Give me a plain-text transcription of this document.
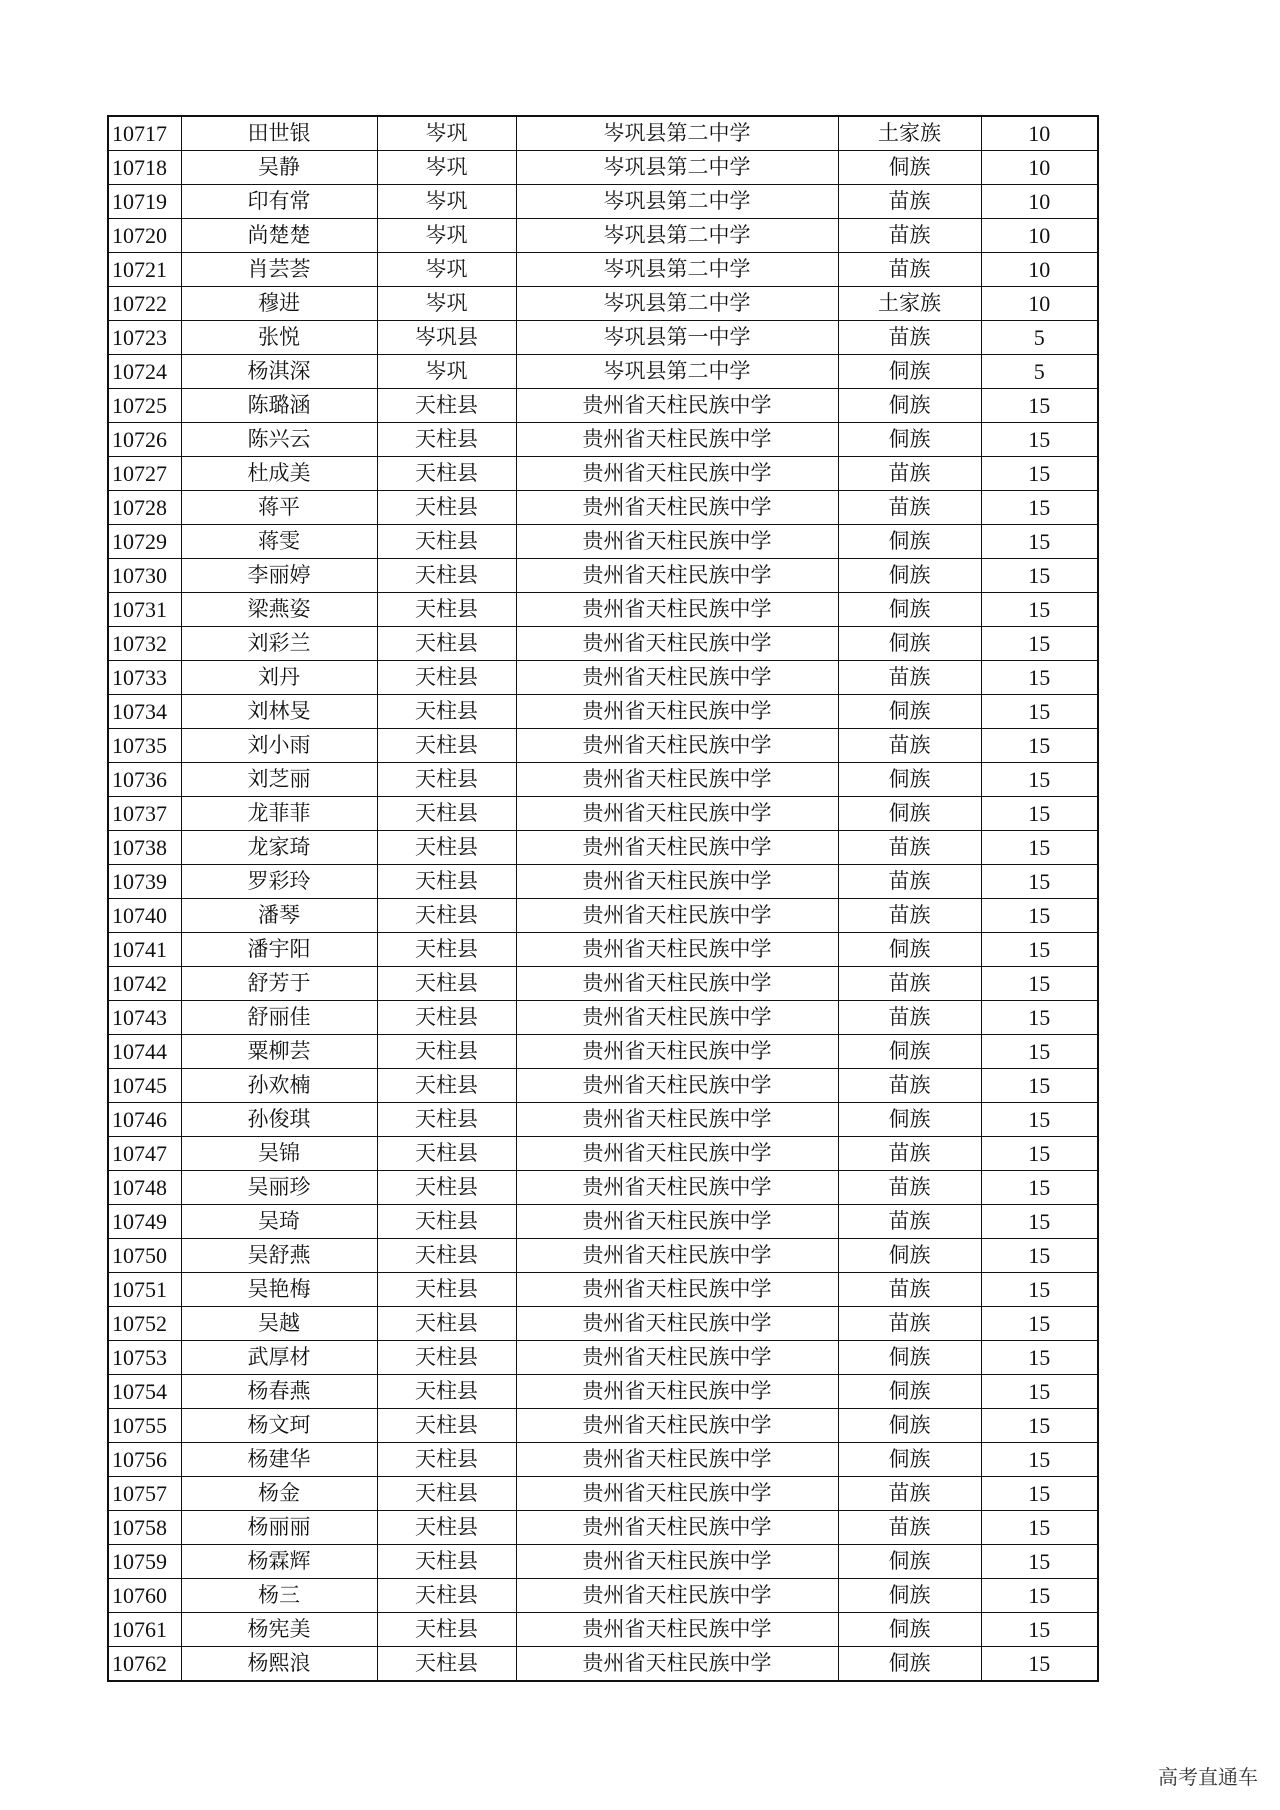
10717	田世银	岑巩	岑巩县第二中学	土家族	10
10718	吴静	岑巩	岑巩县第二中学	侗族	10
10719	印有常	岑巩	岑巩县第二中学	苗族	10
10720	尚楚楚	岑巩	岑巩县第二中学	苗族	10
10721	肖芸荟	岑巩	岑巩县第二中学	苗族	10
10722	穆进	岑巩	岑巩县第二中学	土家族	10
10723	张悦	岑巩县	岑巩县第一中学	苗族	5
10724	杨淇深	岑巩	岑巩县第二中学	侗族	5
10725	陈璐涵	天柱县	贵州省天柱民族中学	侗族	15
10726	陈兴云	天柱县	贵州省天柱民族中学	侗族	15
10727	杜成美	天柱县	贵州省天柱民族中学	苗族	15
10728	蒋平	天柱县	贵州省天柱民族中学	苗族	15
10729	蒋雯	天柱县	贵州省天柱民族中学	侗族	15
10730	李丽婷	天柱县	贵州省天柱民族中学	侗族	15
10731	梁燕姿	天柱县	贵州省天柱民族中学	侗族	15
10732	刘彩兰	天柱县	贵州省天柱民族中学	侗族	15
10733	刘丹	天柱县	贵州省天柱民族中学	苗族	15
10734	刘林旻	天柱县	贵州省天柱民族中学	侗族	15
10735	刘小雨	天柱县	贵州省天柱民族中学	苗族	15
10736	刘芝丽	天柱县	贵州省天柱民族中学	侗族	15
10737	龙菲菲	天柱县	贵州省天柱民族中学	侗族	15
10738	龙家琦	天柱县	贵州省天柱民族中学	苗族	15
10739	罗彩玲	天柱县	贵州省天柱民族中学	苗族	15
10740	潘琴	天柱县	贵州省天柱民族中学	苗族	15
10741	潘宇阳	天柱县	贵州省天柱民族中学	侗族	15
10742	舒芳于	天柱县	贵州省天柱民族中学	苗族	15
10743	舒丽佳	天柱县	贵州省天柱民族中学	苗族	15
10744	粟柳芸	天柱县	贵州省天柱民族中学	侗族	15
10745	孙欢楠	天柱县	贵州省天柱民族中学	苗族	15
10746	孙俊琪	天柱县	贵州省天柱民族中学	侗族	15
10747	吴锦	天柱县	贵州省天柱民族中学	苗族	15
10748	吴丽珍	天柱县	贵州省天柱民族中学	苗族	15
10749	吴琦	天柱县	贵州省天柱民族中学	苗族	15
10750	吴舒燕	天柱县	贵州省天柱民族中学	侗族	15
10751	吴艳梅	天柱县	贵州省天柱民族中学	苗族	15
10752	吴越	天柱县	贵州省天柱民族中学	苗族	15
10753	武厚材	天柱县	贵州省天柱民族中学	侗族	15
10754	杨春燕	天柱县	贵州省天柱民族中学	侗族	15
10755	杨文珂	天柱县	贵州省天柱民族中学	侗族	15
10756	杨建华	天柱县	贵州省天柱民族中学	侗族	15
10757	杨金	天柱县	贵州省天柱民族中学	苗族	15
10758	杨丽丽	天柱县	贵州省天柱民族中学	苗族	15
10759	杨霖辉	天柱县	贵州省天柱民族中学	侗族	15
10760	杨三	天柱县	贵州省天柱民族中学	侗族	15
10761	杨宪美	天柱县	贵州省天柱民族中学	侗族	15
10762	杨熙浪	天柱县	贵州省天柱民族中学	侗族	15
高考直通车
